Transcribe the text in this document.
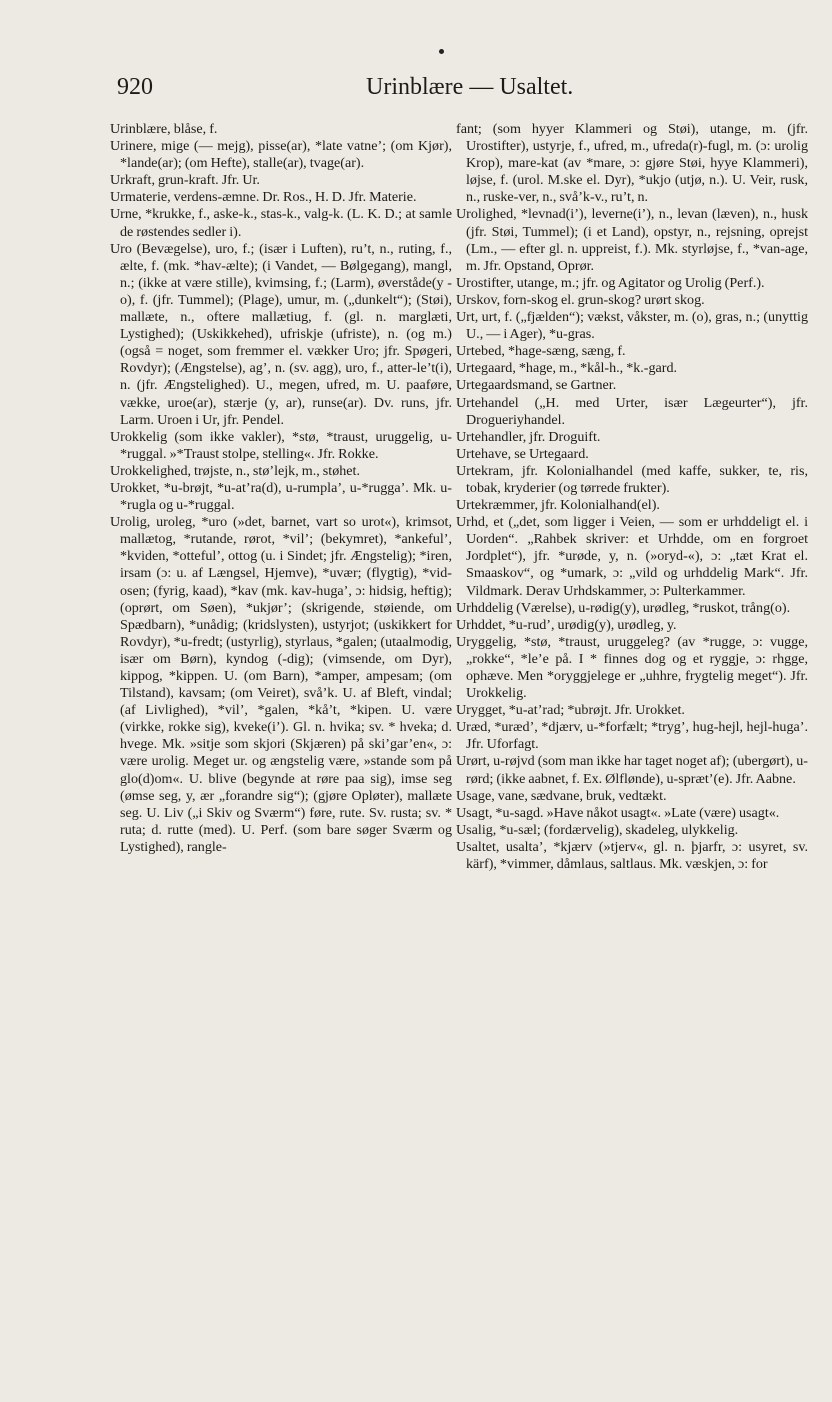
920	Urinblære — Usaltet.

Urinblære, blåse, f.

Urinere, mige (— mejg), pisse(ar), *late vatne’; (om Kjør), *lande(ar); (om Hefte), stalle(ar), tvage(ar).

Urkraft, grun-kraft. Jfr. Ur.

Urmaterie, verdens-æmne. Dr. Ros., H. D. Jfr. Materie.

Urne, *krukke, f., aske-k., stas-k., valg-k. (L. K. D.; at samle de røstendes sedler i).

Uro (Bevægelse), uro, f.; (især i Luften), ru’t, n., ruting, f., ælte, f. (mk. *hav-ælte); (i Vandet, — Bølgegang), mangl, n.; (ikke at være stille), kvimsing, f.; (Larm), øverståde(y - o), f. (jfr. Tummel); (Plage), umur, m. („dunkelt“); (Støi), mallæte, n., oftere mallætiug, f. (gl. n. marglæti, Lystighed); (Uskikkehed), ufriskje (ufriste), n. (og m.) (også = noget, som fremmer el. vækker Uro; jfr. Spøgeri, Rovdyr); (Ængstelse), ag’, n. (sv. agg), uro, f., atter-le’t(i), n. (jfr. Ængstelighed). U., megen, ufred, m. U. paaføre, vække, uroe(ar), stærje (y, ar), runse(ar). Dv. runs, jfr. Larm. Uroen i Ur, jfr. Pendel.

Urokkelig (som ikke vakler), *stø, *traust, uruggelig, u-*ruggal. »*Traust stolpe, stelling«. Jfr. Rokke.

Urokkelighed, trøjste, n., stø’lejk, m., støhet.

Urokket, *u-brøjt, *u-at’ra(d), u-rumpla’, u-*rugga’. Mk. u-*rugla og u-*ruggal.

Urolig, uroleg, *uro (»det, barnet, vart so urot«), krimsot, mallætog, *rutande, rørot, *vil’; (bekymret), *ankeful’, *kviden, *otteful’, ottog (u. i Sindet; jfr. Ængstelig); *iren, irsam (ɔ: u. af Længsel, Hjemve), *uvær; (flygtig), *vid-osen; (fyrig, kaad), *kav (mk. kav-huga’, ɔ: hidsig, heftig); (oprørt, om Søen), *ukjør’; (skrigende, støiende, om Spædbarn), *unådig; (kridslysten), ustyrjot; (uskikkert for Rovdyr), *u-fredt; (ustyrlig), styrlaus, *galen; (utaalmodig, især om Børn), kyndog (-dig); (vimsende, om Dyr), kippog, *kippen. U. (om Barn), *amper, ampesam; (om Tilstand), kavsam; (om Veiret), svå’k. U. af Bleft, vindal; (af Livlighed), *vil’, *galen, *kå’t, *kipen. U. være (virkke, rokke sig), kveke(i’). Gl. n. hvika; sv. * hveka; d. hvege. Mk. »sitje som skjori (Skjæren) på ski’gar’en«, ɔ: være urolig. Meget ur. og ængstelig være, »stande som på glo(d)om«. U. blive (begynde at røre paa sig), imse seg (ømse seg, y, ær „forandre sig“); (gjøre Opløter), mallæte seg. U. Liv („i Skiv og Sværm“) føre, rute. Sv. rusta; sv. * ruta; d. rutte (med). U. Perf. (som bare søger Sværm og Lystighed), rangle-

fant; (som hyyer Klammeri og Støi), utange, m. (jfr. Urostifter), ustyrje, f., ufred, m., ufreda(r)-fugl, m. (ɔ: urolig Krop), mare-kat (av *mare, ɔ: gjøre Støi, hyye Klammeri), løjse, f. (urol. M.ske el. Dyr), *ukjo (utjø, n.). U. Veir, rusk, n., ruske-ver, n., svå’k-v., ru’t, n.

Urolighed, *levnad(i’), leverne(i’), n., levan (læven), n., husk (jfr. Støi, Tummel); (i et Land), opstyr, n., rejsning, oprejst (Lm., — efter gl. n. uppreist, f.). Mk. styrløjse, f., *van-age, m. Jfr. Opstand, Oprør.

Urostifter, utange, m.; jfr. og Agitator og Urolig (Perf.).

Urskov, forn-skog el. grun-skog? urørt skog.

Urt, urt, f. („fjælden“); vækst, våkster, m. (o), gras, n.; (unyttig U., — i Ager), *u-gras.

Urtebed, *hage-sæng, sæng, f.

Urtegaard, *hage, m., *kål-h., *k.-gard.

Urtegaardsmand, se Gartner.

Urtehandel („H. med Urter, især Lægeurter“), jfr. Drogueriyhandel.

Urtehandler, jfr. Droguift.

Urtehave, se Urtegaard.

Urtekram, jfr. Kolonialhandel (med kaffe, sukker, te, ris, tobak, kryderier (og tørrede frukter).

Urtekræmmer, jfr. Kolonialhand(el).

Urhd, et („det, som ligger i Veien, — som er urhddeligt el. i Uorden“. „Rahbek skriver: et Urhdde, om en forgroet Jordplet“), jfr. *urøde, y, n. (»oryd-«), ɔ: „tæt Krat el. Smaaskov“, og *umark, ɔ: „vild og urhddelig Mark“. Jfr. Vildmark. Derav Urhdskammer, ɔ: Pulterkammer.

Urhddelig (Værelse), u-rødig(y), urødleg, *ruskot, trång(o).

Urhddet, *u-rud’, urødig(y), urødleg, y.

Uryggelig, *stø, *traust, uruggeleg? (av *rugge, ɔ: vugge, „rokke“, *le’e på. I * finnes dog og et ryggje, ɔ: rhgge, ophæve. Men *oryggjelege er „uhhre, frygtelig meget“). Jfr. Urokkelig.

Urygget, *u-at’rad; *ubrøjt. Jfr. Urokket.

Uræd, *uræd’, *djærv, u-*forfælt; *tryg’, hug-hejl, hejl-huga’. Jfr. Uforfagt.

Urørt, u-røjvd (som man ikke har taget noget af); (ubergørt), u-rørd; (ikke aabnet, f. Ex. Ølflønde), u-spræt’(e). Jfr. Aabne.

Usage, vane, sædvane, bruk, vedtækt.

Usagt, *u-sagd. »Have nåkot usagt«. »Late (være) usagt«.

Usalig, *u-sæl; (fordærvelig), skadeleg, ulykkelig.

Usaltet, usalta’, *kjærv (»tjerv«, gl. n. þjarfr, ɔ: usyret, sv. kärf), *vimmer, dåmlaus, saltlaus. Mk. væskjen, ɔ: for
